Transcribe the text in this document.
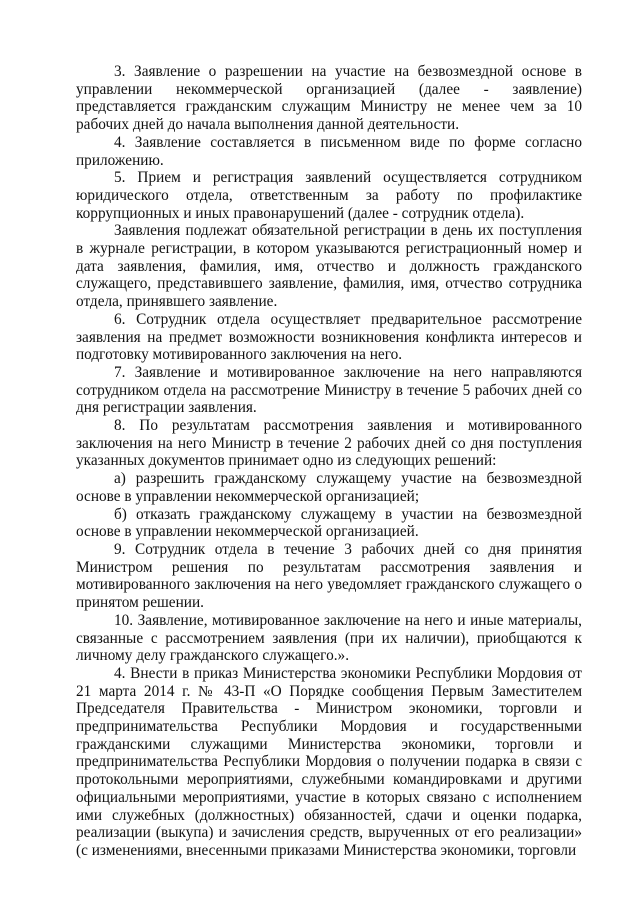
3. Заявление о разрешении на участие на безвозмездной основе в управлении некоммерческой организацией (далее - заявление) представляется гражданским служащим Министру не менее чем за 10 рабочих дней до начала выполнения данной деятельности.

4. Заявление составляется в письменном виде по форме согласно приложению.

5. Прием и регистрация заявлений осуществляется сотрудником юридического отдела, ответственным за работу по профилактике коррупционных и иных правонарушений (далее - сотрудник отдела).

Заявления подлежат обязательной регистрации в день их поступления в журнале регистрации, в котором указываются регистрационный номер и дата заявления, фамилия, имя, отчество и должность гражданского служащего, представившего заявление, фамилия, имя, отчество сотрудника отдела, принявшего заявление.

6. Сотрудник отдела осуществляет предварительное рассмотрение заявления на предмет возможности возникновения конфликта интересов и подготовку мотивированного заключения на него.

7. Заявление и мотивированное заключение на него направляются сотрудником отдела на рассмотрение Министру в течение 5 рабочих дней со дня регистрации заявления.

8. По результатам рассмотрения заявления и мотивированного заключения на него Министр в течение 2 рабочих дней со дня поступления указанных документов принимает одно из следующих решений:

а) разрешить гражданскому служащему участие на безвозмездной основе в управлении некоммерческой организацией;

б) отказать гражданскому служащему в участии на безвозмездной основе в управлении некоммерческой организацией.

9. Сотрудник отдела в течение 3 рабочих дней со дня принятия Министром решения по результатам рассмотрения заявления и мотивированного заключения на него уведомляет гражданского служащего о принятом решении.

10. Заявление, мотивированное заключение на него и иные материалы, связанные с рассмотрением заявления (при их наличии), приобщаются к личному делу гражданского служащего.».

4. Внести в приказ Министерства экономики Республики Мордовия от 21 марта 2014 г. № 43-П «О Порядке сообщения Первым Заместителем Председателя Правительства - Министром экономики, торговли и предпринимательства Республики Мордовия и государственными гражданскими служащими Министерства экономики, торговли и предпринимательства Республики Мордовия о получении подарка в связи с протокольными мероприятиями, служебными командировками и другими официальными мероприятиями, участие в которых связано с исполнением ими служебных (должностных) обязанностей, сдачи и оценки подарка, реализации (выкупа) и зачисления средств, вырученных от его реализации» (с изменениями, внесенными приказами Министерства экономики, торговли
